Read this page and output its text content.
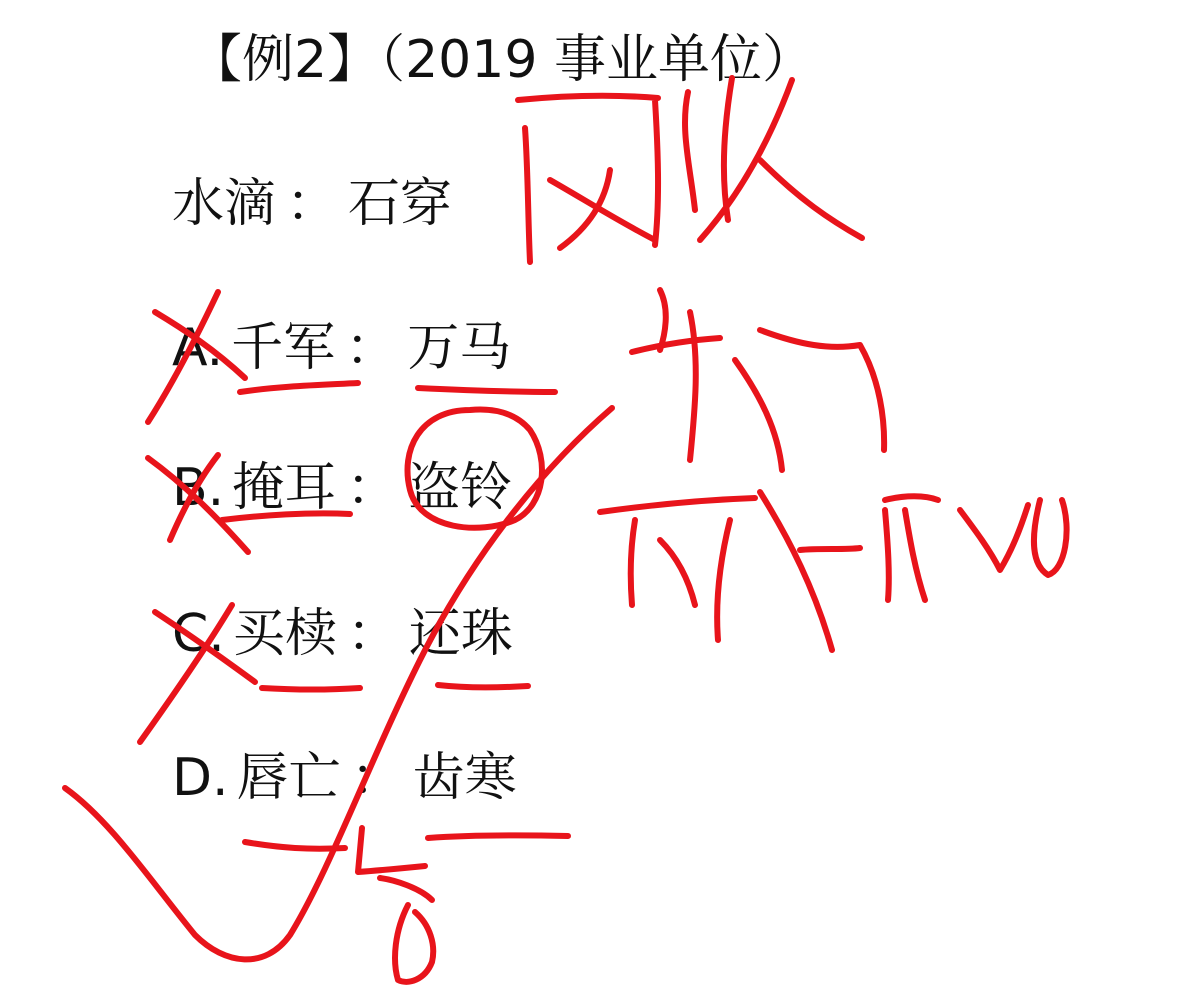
【例2】（2019 事业单位）
水滴 ： 石穿
A. 千军 ： 万马
B. 掩耳 ： 盗铃
C. 买椟 ： 还珠
D. 唇亡 ： 齿寒
